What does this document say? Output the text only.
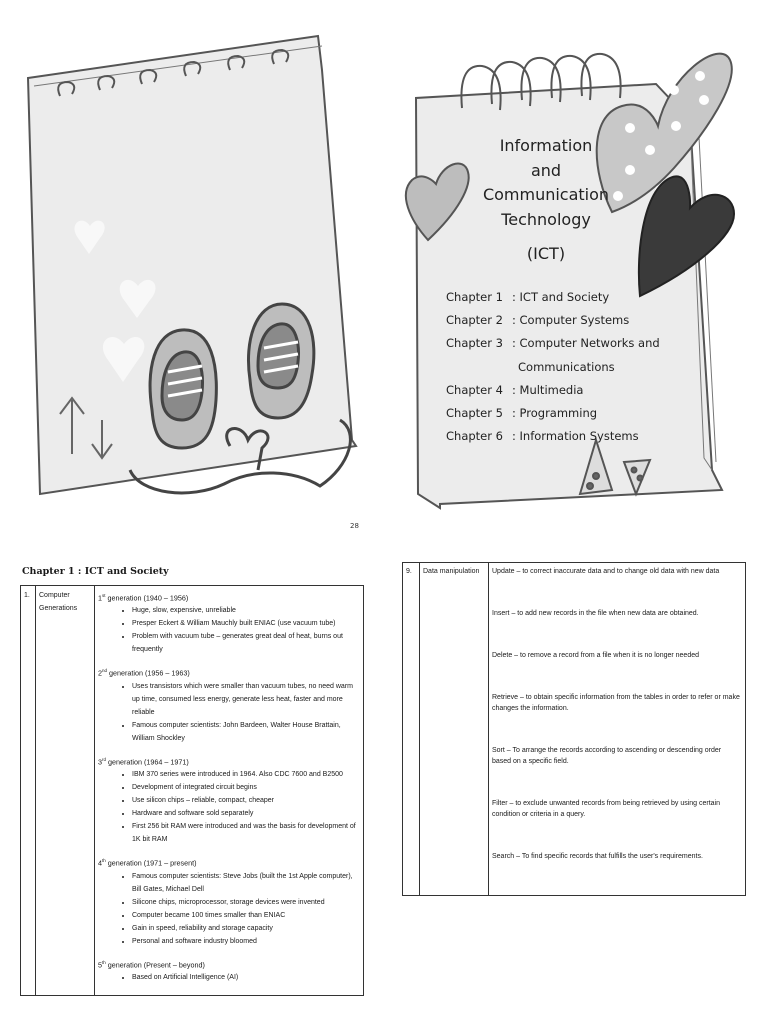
Information
and
Communication
Technology
(ICT)
Chapter 1 : ICT and Society
Chapter 2 : Computer Systems
Chapter 3 : Computer Networks and
Communications
Chapter 4 : Multimedia
Chapter 5 : Programming
Chapter 6 : Information Systems
28
Chapter 1 : ICT and Society
1.	Computer Generations	
1st generation (1940 – 1956)
• Huge, slow, expensive, unreliable
• Presper Eckert & William Mauchly built ENIAC (use vacuum tube)
• Problem with vacuum tube – generates great deal of heat, burns out frequently
2nd generation (1956 – 1963)
• Uses transistors which were smaller than vacuum tubes, no need warm up time, consumed less energy, generate less heat, faster and more reliable
• Famous computer scientists: John Bardeen, Walter House Brattain, William Shockley
3rd generation (1964 – 1971)
• IBM 370 series were introduced in 1964. Also CDC 7600 and B2500
• Development of integrated circuit begins
• Use silicon chips – reliable, compact, cheaper
• Hardware and software sold separately
• First 256 bit RAM were introduced and was the basis for development of 1K bit RAM
4th generation (1971 – present)
• Famous computer scientists: Steve Jobs (built the 1st Apple computer), Bill Gates, Michael Dell
• Silicone chips, microprocessor, storage devices were invented
• Computer became 100 times smaller than ENIAC
• Gain in speed, reliability and storage capacity
• Personal and software industry bloomed
5th generation (Present – beyond)
• Based on Artificial Intelligence (AI)
9.	Data manipulation	Update – to correct inaccurate data and to change old data with new data
Insert – to add new records in the file when new data are obtained.
Delete – to remove a record from a file when it is no longer needed
Retrieve – to obtain specific information from the tables in order to refer or make changes the information.
Sort – To arrange the records according to ascending or descending order based on a specific field.
Filter – to exclude unwanted records from being retrieved by using certain condition or criteria in a query.
Search – To find specific records that fulfills the user's requirements.
